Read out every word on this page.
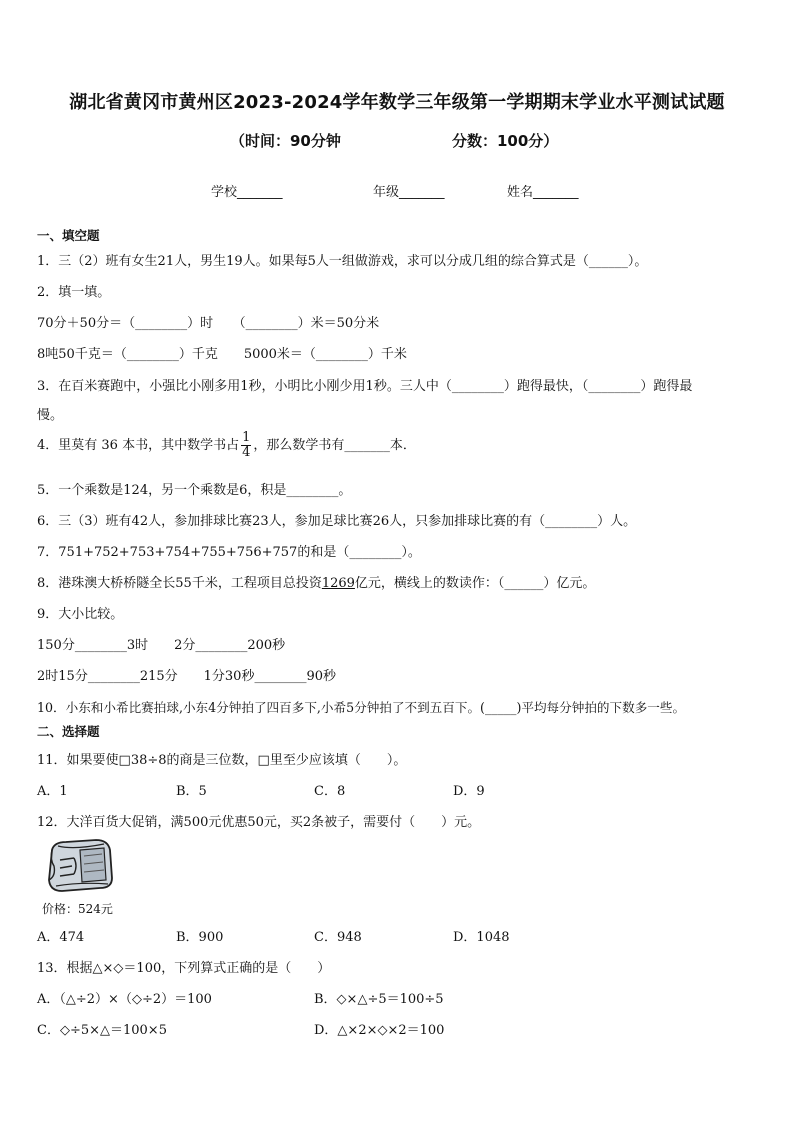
湖北省黄冈市黄州区2023-2024学年数学三年级第一学期期末学业水平测试试题
（时间：90分钟	分数：100分）
学校_______	年级_______	姓名_______
一、填空题
1．三（2）班有女生21人，男生19人。如果每5人一组做游戏，求可以分成几组的综合算式是（______）。
2．填一填。
70分＋50分＝（________）时　　（________）米＝50分米
8吨50千克＝（________）千克　　5000米＝（________）千米
3．在百米赛跑中，小强比小刚多用1秒，小明比小刚少用1秒。三人中（________）跑得最快，（________）跑得最
慢。
4．里莫有 36 本书，其中数学书占 $\frac{1}{4}$ ，那么数学书有_______本．
5．一个乘数是124，另一个乘数是6，积是________。
6．三（3）班有42人，参加排球比赛23人，参加足球比赛26人，只参加排球比赛的有（________）人。
7．751+752+753+754+755+756+757的和是（________）。
8．港珠澳大桥桥隧全长55千米，工程项目总投资1269亿元，横线上的数读作：（______）亿元。
9．大小比较。
150分________3时　　2分________200秒
2时15分________215分　　1分30秒________90秒
10．小东和小希比赛拍球,小东4分钟拍了四百多下,小希5分钟拍了不到五百下。(_____)平均每分钟拍的下数多一些。
二、选择题
11．如果要使□38÷8的商是三位数，□里至少应该填（　　）。
A．1	B．5	C．8	D．9
12．大洋百货大促销，满500元优惠50元，买2条被子，需要付（　　）元。
价格：524元
A．474	B．900	C．948	D．1048
13．根据△×◇＝100，下列算式正确的是（　　）
A．（△÷2）×（◇÷2）＝100	B．◇×△÷5＝100÷5
C．◇÷5×△＝100×5	D．△×2×◇×2＝100
